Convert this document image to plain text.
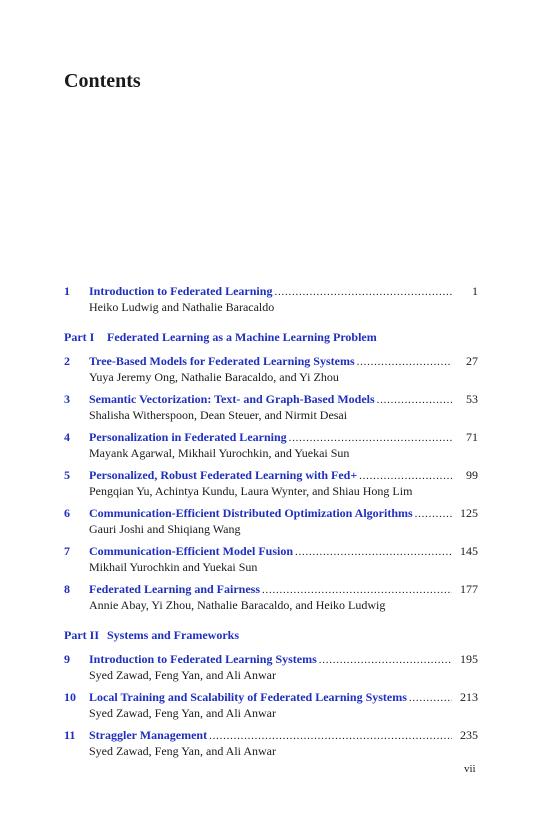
Contents
1	Introduction to Federated Learning . . .	1
Heiko Ludwig and Nathalie Baracaldo
Part I Federated Learning as a Machine Learning Problem
2	Tree-Based Models for Federated Learning Systems . . .	27
Yuya Jeremy Ong, Nathalie Baracaldo, and Yi Zhou
3	Semantic Vectorization: Text- and Graph-Based Models . . .	53
Shalisha Witherspoon, Dean Steuer, and Nirmit Desai
4	Personalization in Federated Learning . . .	71
Mayank Agarwal, Mikhail Yurochkin, and Yuekai Sun
5	Personalized, Robust Federated Learning with Fed+ . . .	99
Pengqian Yu, Achintya Kundu, Laura Wynter, and Shiau Hong Lim
6	Communication-Efficient Distributed Optimization Algorithms . . .	125
Gauri Joshi and Shiqiang Wang
7	Communication-Efficient Model Fusion . . .	145
Mikhail Yurochkin and Yuekai Sun
8	Federated Learning and Fairness . . .	177
Annie Abay, Yi Zhou, Nathalie Baracaldo, and Heiko Ludwig
Part II Systems and Frameworks
9	Introduction to Federated Learning Systems . . .	195
Syed Zawad, Feng Yan, and Ali Anwar
10	Local Training and Scalability of Federated Learning Systems . . .	213
Syed Zawad, Feng Yan, and Ali Anwar
11	Straggler Management . . .	235
Syed Zawad, Feng Yan, and Ali Anwar
vii
